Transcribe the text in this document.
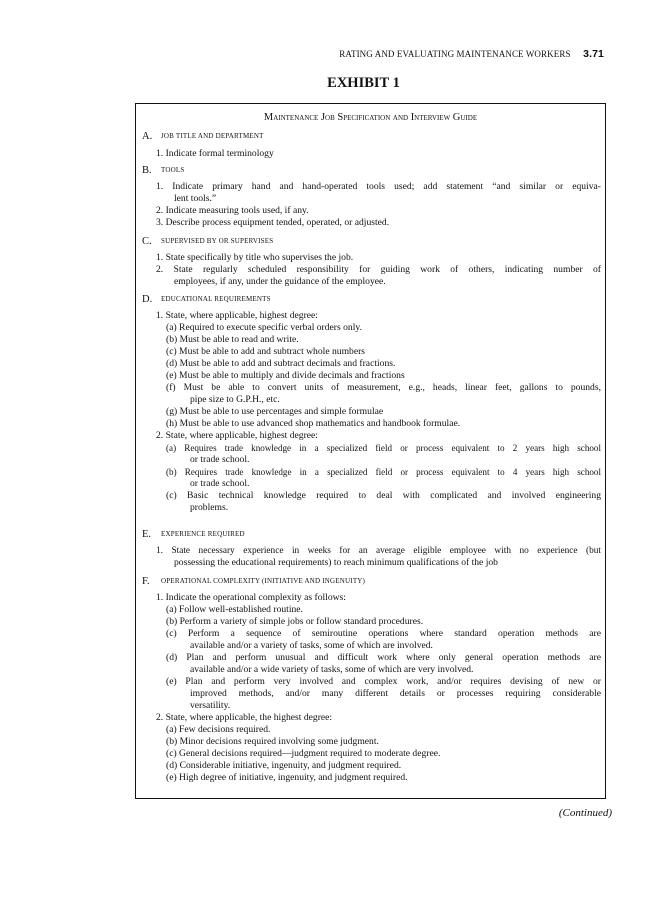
RATING AND EVALUATING MAINTENANCE WORKERS 3.71
EXHIBIT 1
Maintenance Job Specification and Interview Guide
A. JOB TITLE AND DEPARTMENT
1. Indicate formal terminology
B. TOOLS
1. Indicate primary hand and hand-operated tools used; add statement “and similar or equiva-
lent tools.”
2. Indicate measuring tools used, if any.
3. Describe process equipment tended, operated, or adjusted.
C. SUPERVISED BY OR SUPERVISES
1. State specifically by title who supervises the job.
2. State regularly scheduled responsibility for guiding work of others, indicating number of
employees, if any, under the guidance of the employee.
D. EDUCATIONAL REQUIREMENTS
1. State, where applicable, highest degree:
(a) Required to execute specific verbal orders only.
(b) Must be able to read and write.
(c) Must be able to add and subtract whole numbers
(d) Must be able to add and subtract decimals and fractions.
(e) Must be able to multiply and divide decimals and fractions
(f) Must be able to convert units of measurement, e.g., heads, linear feet, gallons to pounds,
pipe size to G.P.H., etc.
(g) Must be able to use percentages and simple formulae
(h) Must be able to use advanced shop mathematics and handbook formulae.
2. State, where applicable, highest degree:
(a) Requires trade knowledge in a specialized field or process equivalent to 2 years high school
or trade school.
(b) Requires trade knowledge in a specialized field or process equivalent to 4 years high school
or trade school.
(c) Basic technical knowledge required to deal with complicated and involved engineering
problems.
E. EXPERIENCE REQUIRED
1. State necessary experience in weeks for an average eligible employee with no experience (but
possessing the educational requirements) to reach minimum qualifications of the job
F. OPERATIONAL COMPLEXITY (INITIATIVE AND INGENUITY)
1. Indicate the operational complexity as follows:
(a) Follow well-established routine.
(b) Perform a variety of simple jobs or follow standard procedures.
(c) Perform a sequence of semiroutine operations where standard operation methods are
available and/or a variety of tasks, some of which are involved.
(d) Plan and perform unusual and difficult work where only general operation methods are
available and/or a wide variety of tasks, some of which are very involved.
(e) Plan and perform very involved and complex work, and/or requires devising of new or
improved methods, and/or many different details or processes requiring considerable
versatility.
2. State, where applicable, the highest degree:
(a) Few decisions required.
(b) Minor decisions required involving some judgment.
(c) General decisions required—judgment required to moderate degree.
(d) Considerable initiative, ingenuity, and judgment required.
(e) High degree of initiative, ingenuity, and judgment required.
(Continued)
